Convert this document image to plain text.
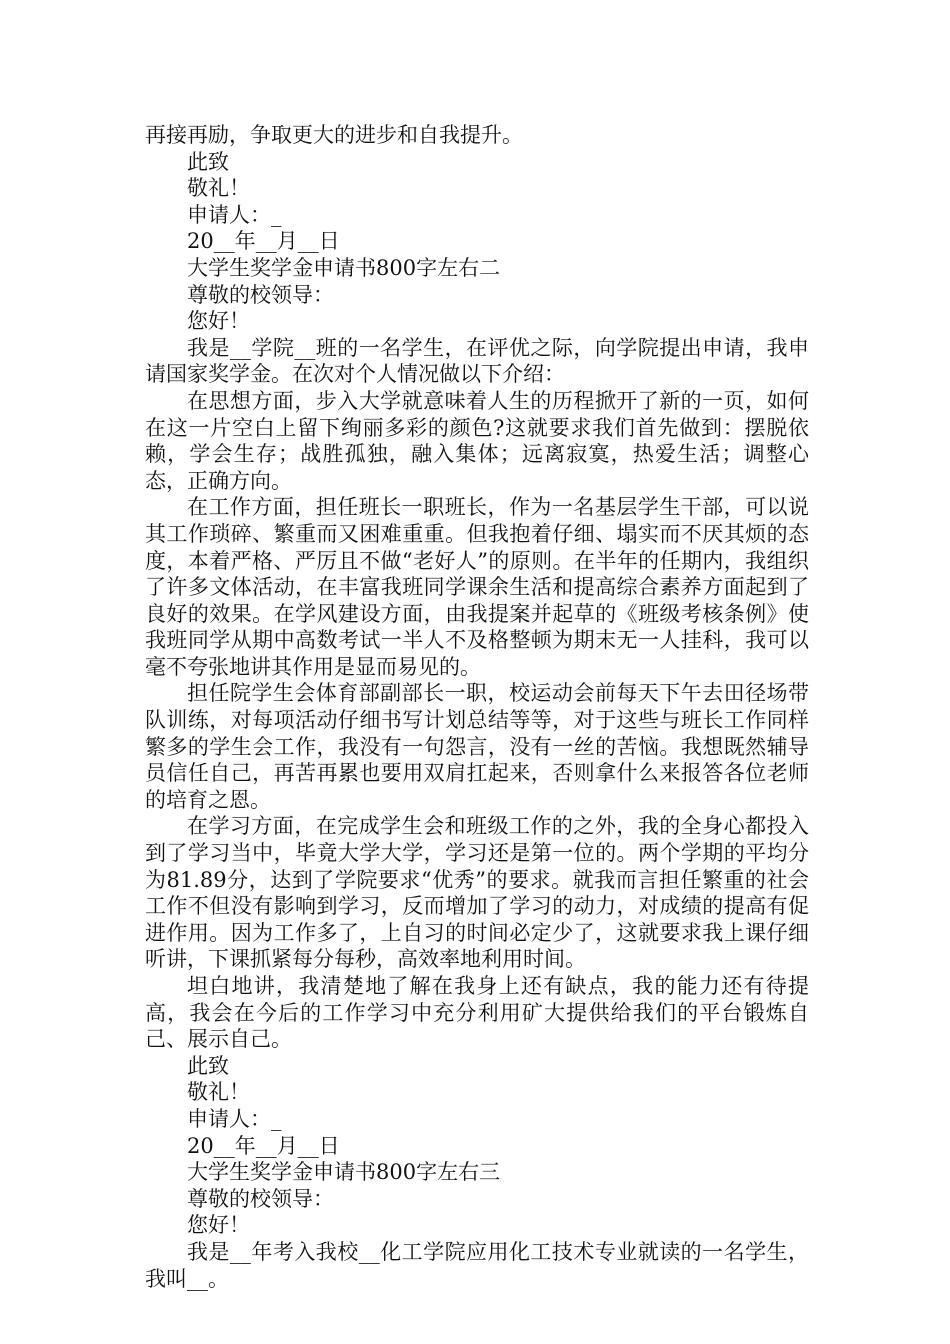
再接再励，争取更大的进步和自我提升。

此致

敬礼！

申请人：_

20__年__月__日

大学生奖学金申请书800字左右二

尊敬的校领导：

您好！

我是__学院__班的一名学生，在评优之际，向学院提出申请，我申请国家奖学金。在次对个人情况做以下介绍：

在思想方面，步入大学就意味着人生的历程掀开了新的一页，如何在这一片空白上留下绚丽多彩的颜色?这就要求我们首先做到：摆脱依赖，学会生存；战胜孤独，融入集体；远离寂寞，热爱生活；调整心态，正确方向。

在工作方面，担任班长一职班长，作为一名基层学生干部，可以说其工作琐碎、繁重而又困难重重。但我抱着仔细、塌实而不厌其烦的态度，本着严格、严厉且不做“老好人”的原则。在半年的任期内，我组织了许多文体活动，在丰富我班同学课余生活和提高综合素养方面起到了良好的效果。在学风建设方面，由我提案并起草的《班级考核条例》使我班同学从期中高数考试一半人不及格整顿为期末无一人挂科，我可以毫不夸张地讲其作用是显而易见的。

担任院学生会体育部副部长一职，校运动会前每天下午去田径场带队训练，对每项活动仔细书写计划总结等等，对于这些与班长工作同样繁多的学生会工作，我没有一句怨言，没有一丝的苦恼。我想既然辅导员信任自己，再苦再累也要用双肩扛起来，否则拿什么来报答各位老师的培育之恩。

在学习方面，在完成学生会和班级工作的之外，我的全身心都投入到了学习当中，毕竟大学大学，学习还是第一位的。两个学期的平均分为81.89分，达到了学院要求“优秀”的要求。就我而言担任繁重的社会工作不但没有影响到学习，反而增加了学习的动力，对成绩的提高有促进作用。因为工作多了，上自习的时间必定少了，这就要求我上课仔细听讲，下课抓紧每分每秒，高效率地利用时间。

坦白地讲，我清楚地了解在我身上还有缺点，我的能力还有待提高，我会在今后的工作学习中充分利用矿大提供给我们的平台锻炼自己、展示自己。

此致

敬礼！

申请人：_

20__年__月__日

大学生奖学金申请书800字左右三

尊敬的校领导：

您好！

我是__年考入我校__化工学院应用化工技术专业就读的一名学生，我叫__。
